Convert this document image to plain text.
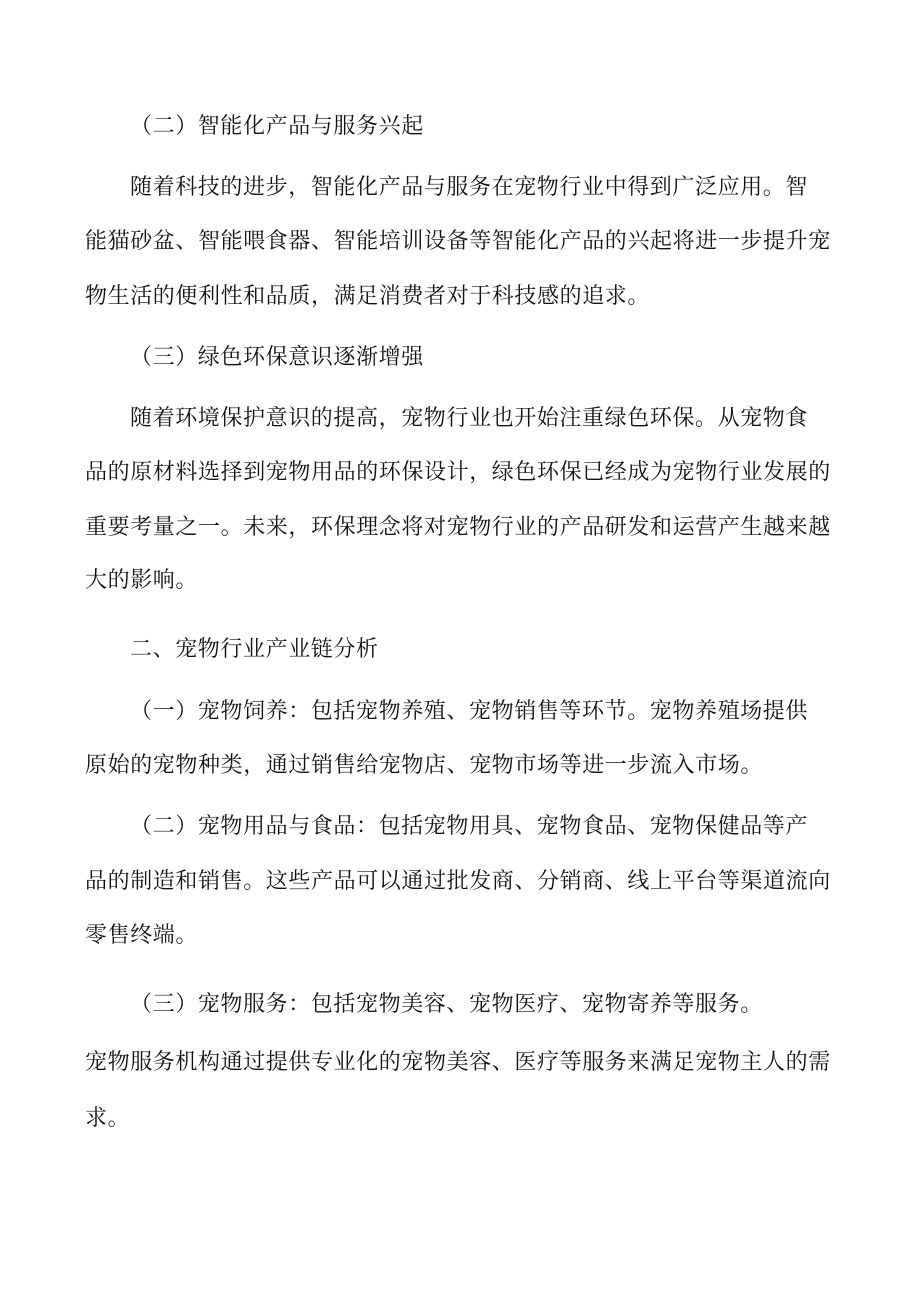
（二）智能化产品与服务兴起
随着科技的进步，智能化产品与服务在宠物行业中得到广泛应用。智
能猫砂盆、智能喂食器、智能培训设备等智能化产品的兴起将进一步提升宠
物生活的便利性和品质，满足消费者对于科技感的追求。
（三）绿色环保意识逐渐增强
随着环境保护意识的提高，宠物行业也开始注重绿色环保。从宠物食
品的原材料选择到宠物用品的环保设计，绿色环保已经成为宠物行业发展的
重要考量之一。未来，环保理念将对宠物行业的产品研发和运营产生越来越
大的影响。
二、宠物行业产业链分析
（一）宠物饲养：包括宠物养殖、宠物销售等环节。宠物养殖场提供
原始的宠物种类，通过销售给宠物店、宠物市场等进一步流入市场。
（二）宠物用品与食品：包括宠物用具、宠物食品、宠物保健品等产
品的制造和销售。这些产品可以通过批发商、分销商、线上平台等渠道流向
零售终端。
（三）宠物服务：包括宠物美容、宠物医疗、宠物寄养等服务。
宠物服务机构通过提供专业化的宠物美容、医疗等服务来满足宠物主人的需
求。
